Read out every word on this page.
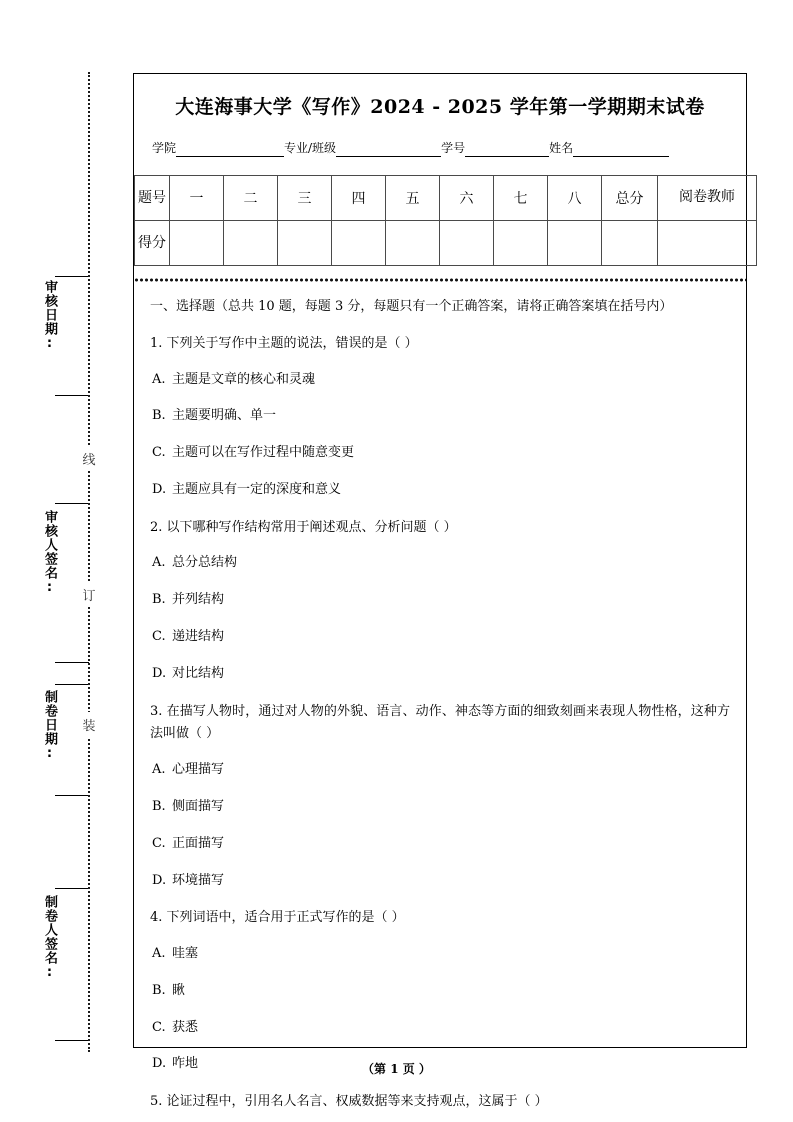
审核日期:
审核人签名:
制卷日期:
制卷人签名:
线
订
装
大连海事大学《写作》2024 - 2025 学年第一学期期末试卷
学院	专业/班级	学号	姓名
题号	一	二	三	四	五	六	七	八	总分	阅卷教师
得分										

一、选择题（总共 10 题，每题 3 分，每题只有一个正确答案，请将正确答案填在括号内）

1. 下列关于写作中主题的说法，错误的是（ ）

A. 主题是文章的核心和灵魂

B. 主题要明确、单一

C. 主题可以在写作过程中随意变更

D. 主题应具有一定的深度和意义

2. 以下哪种写作结构常用于阐述观点、分析问题（ ）

A. 总分总结构

B. 并列结构

C. 递进结构

D. 对比结构

3. 在描写人物时，通过对人物的外貌、语言、动作、神态等方面的细致刻画来表现人物性格，这种方法叫做（ ）

A. 心理描写

B. 侧面描写

C. 正面描写

D. 环境描写

4. 下列词语中，适合用于正式写作的是（ ）

A. 哇塞

B. 瞅

C. 获悉

D. 咋地

5. 论证过程中，引用名人名言、权威数据等来支持观点，这属于（ ）

（第 1 页 ）
